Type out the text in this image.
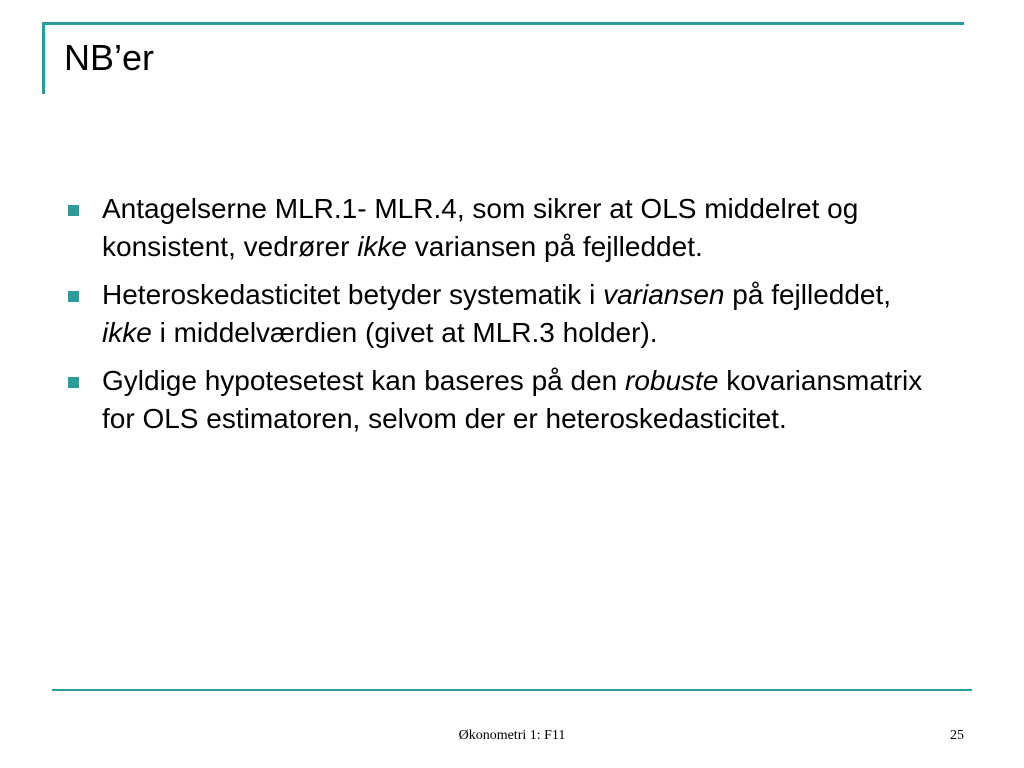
NB’er
Antagelserne MLR.1- MLR.4, som sikrer at OLS middelret og konsistent, vedrører ikke variansen på fejlleddet.
Heteroskedasticitet betyder systematik i variansen på fejlleddet, ikke i middelværdien (givet at MLR.3 holder).
Gyldige hypotesetest kan baseres på den robuste kovariansmatrix for OLS estimatoren, selvom der er heteroskedasticitet.
Økonometri 1: F11	25
